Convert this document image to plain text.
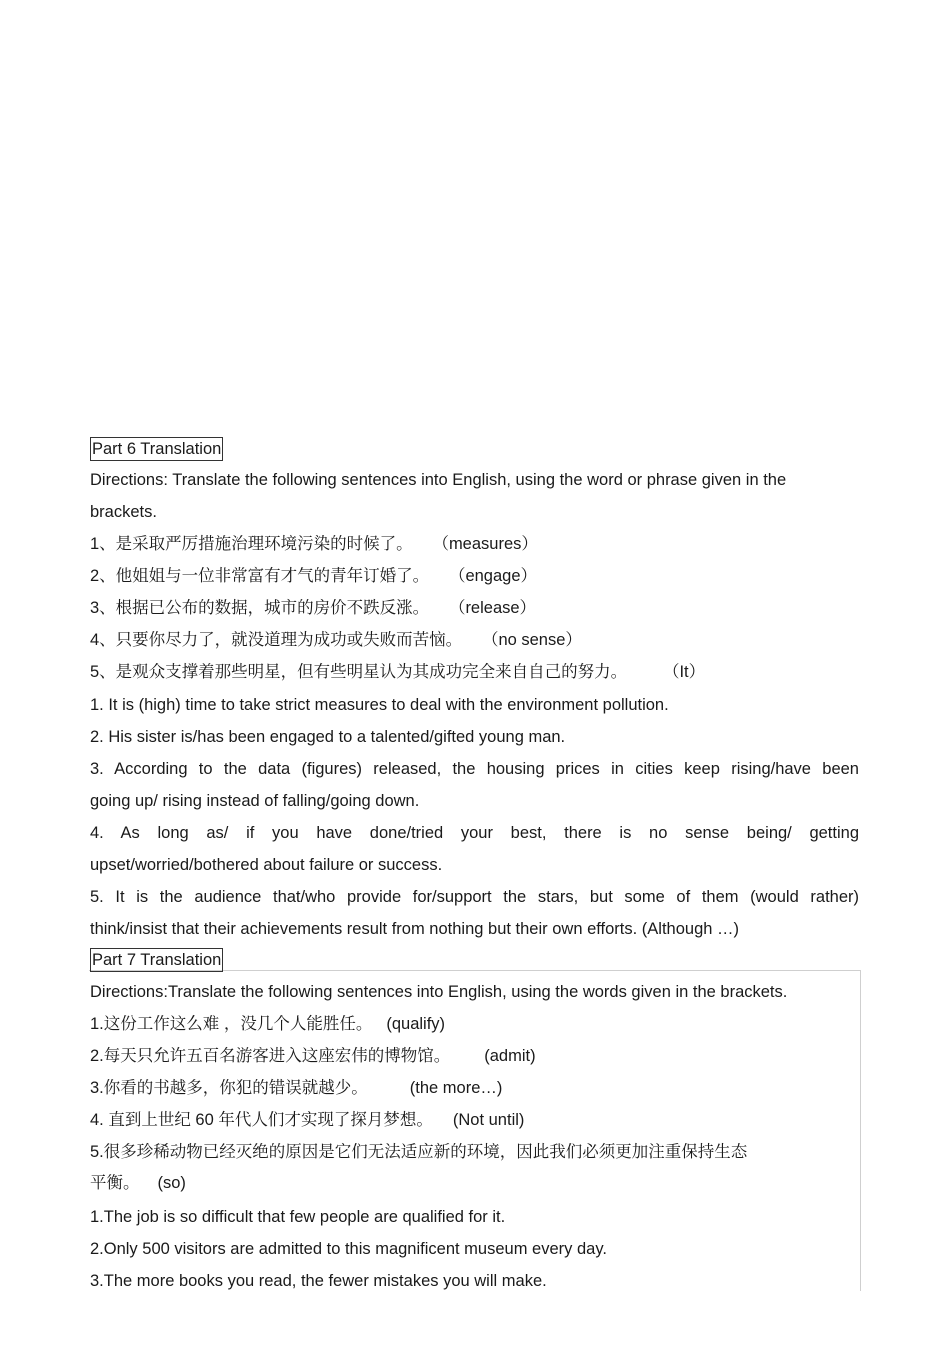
Part 6 Translation
Directions: Translate the following sentences into English, using the word or phrase given in the
brackets.
1、是采取严厉措施治理环境污染的时候了。 （measures）
2、他姐姐与一位非常富有才气的青年订婚了。 （engage）
3、根据已公布的数据，城市的房价不跌反涨。 （release）
4、只要你尽力了，就没道理为成功或失败而苦恼。 （no sense）
5、是观众支撑着那些明星，但有些明星认为其成功完全来自自己的努力。	（It）
1. It is (high) time to take strict measures to deal with the environment pollution.
2. His sister is/has been engaged to a talented/gifted young man.
3. According to the data (figures) released, the housing prices in cities keep rising/have been
going up/ rising instead of falling/going down.
4. As long as/ if you have done/tried your best, there is no sense being/ getting
upset/worried/bothered about failure or success.
5. It is the audience that/who provide for/support the stars, but some of them (would rather)
think/insist that their achievements result from nothing but their own efforts. (Although …)
Part 7 Translation
Directions:Translate the following sentences into English, using the words given in the brackets.
1.这份工作这么难 ，没几个人能胜任。 (qualify)
2.每天只允许五百名游客进入这座宏伟的博物馆。 (admit)
3.你看的书越多，你犯的错误就越少。	(the more…)
4. 直到上世纪 60 年代人们才实现了探月梦想。 (Not until)
5.很多珍稀动物已经灭绝的原因是它们无法适应新的环境，因此我们必须更加注重保持生态
平衡。 (so)
1.The job is so difficult that few people are qualified for it.
2.Only 500 visitors are admitted to this magnificent museum every day.
3.The more books you read, the fewer mistakes you will make.
